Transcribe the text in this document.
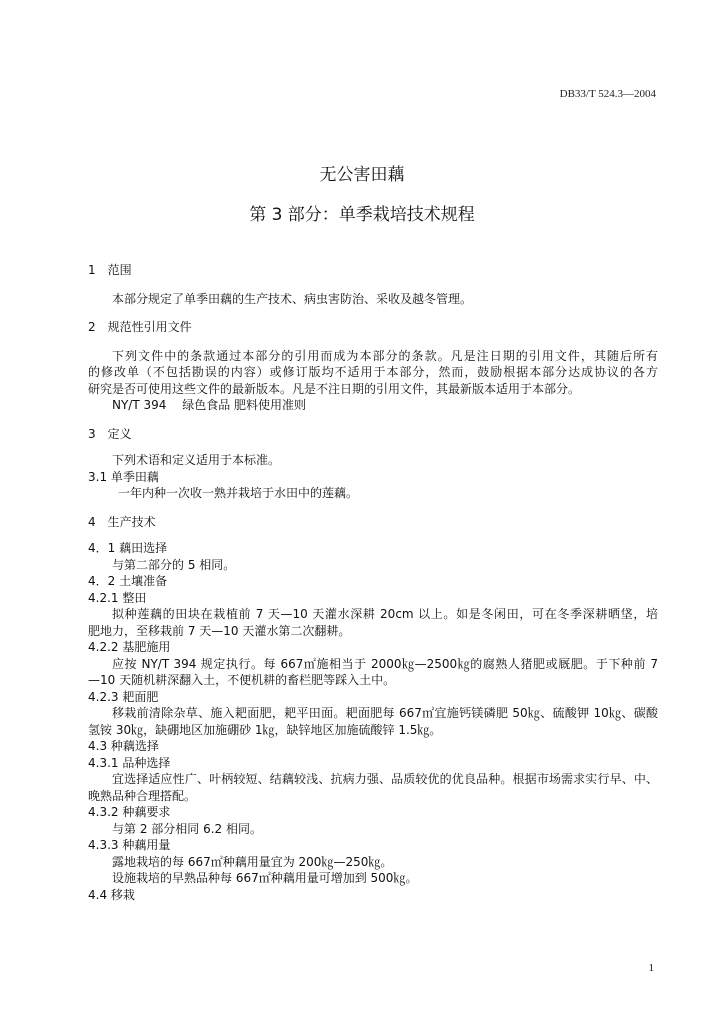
DB33/T 524.3—2004
无公害田藕
第 3 部分：单季栽培技术规程
1　范围
本部分规定了单季田藕的生产技术、病虫害防治、采收及越冬管理。
2　规范性引用文件
下列文件中的条款通过本部分的引用而成为本部分的条款。凡是注日期的引用文件，其随后所有
的修改单（不包括勘误的内容）或修订版均不适用于本部分，然而，鼓励根据本部分达成协议的各方
研究是否可使用这些文件的最新版本。凡是不注日期的引用文件，其最新版本适用于本部分。
NY/T 394　 绿色食品 肥料使用准则
3　定义
下列术语和定义适用于本标准。
3.1 单季田藕
一年内种一次收一熟并栽培于水田中的莲藕。
4　生产技术
4．1 藕田选择
与第二部分的 5 相同。
4．2 土壤准备
4.2.1 整田
拟种莲藕的田块在栽植前 7 天—10 天灌水深耕 20cm 以上。如是冬闲田，可在冬季深耕晒垡，培
肥地力，至移栽前 7 天—10 天灌水第二次翻耕。
4.2.2 基肥施用
应按 NY/T 394 规定执行。每 667㎡施相当于 2000㎏—2500㎏的腐熟人猪肥或厩肥。于下种前 7
—10 天随机耕深翻入土，不便机耕的畜栏肥等踩入土中。
4.2.3 耙面肥
移栽前清除杂草、施入耙面肥，耙平田面。耙面肥每 667㎡宜施钙镁磷肥 50㎏、硫酸钾 10㎏、碳酸
氢铵 30㎏，缺硼地区加施硼砂 1㎏，缺锌地区加施硫酸锌 1.5㎏。
4.3 种藕选择
4.3.1 品种选择
宜选择适应性广、叶柄较短、结藕较浅、抗病力强、品质较优的优良品种。根据市场需求实行早、中、
晚熟品种合理搭配。
4.3.2 种藕要求
与第 2 部分相同 6.2 相同。
4.3.3 种藕用量
露地栽培的每 667㎡种藕用量宜为 200㎏—250㎏。
设施栽培的早熟品种每 667㎡种藕用量可增加到 500㎏。
4.4 移栽
1
